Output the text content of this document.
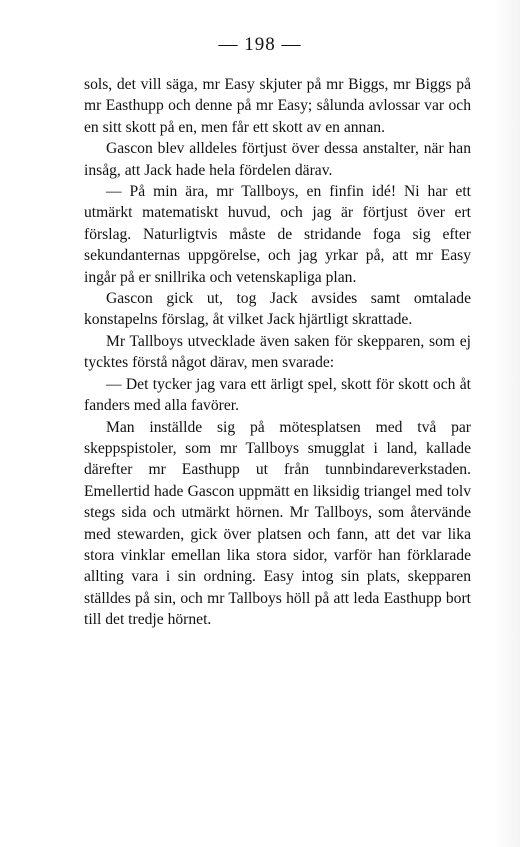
— 198 —

sols, det vill säga, mr Easy skjuter på mr Biggs, mr Biggs på mr Easthupp och denne på mr Easy; sålunda avlossar var och en sitt skott på en, men får ett skott av en annan.

Gascon blev alldeles förtjust över dessa anstalter, när han insåg, att Jack hade hela fördelen därav.

— På min ära, mr Tallboys, en finfin idé! Ni har ett utmärkt matematiskt huvud, och jag är förtjust över ert förslag. Naturligtvis måste de stridande foga sig efter sekundanternas uppgörelse, och jag yrkar på, att mr Easy ingår på er snillrika och vetenskapliga plan.

Gascon gick ut, tog Jack avsides samt omtalade konstapelns förslag, åt vilket Jack hjärtligt skrattade.

Mr Tallboys utvecklade även saken för skepparen, som ej tycktes förstå något därav, men svarade:

— Det tycker jag vara ett ärligt spel, skott för skott och åt fanders med alla favörer.

Man inställde sig på mötesplatsen med två par skeppspistoler, som mr Tallboys smugglat i land, kallade därefter mr Easthupp ut från tunnbindareverkstaden. Emellertid hade Gascon uppmätt en liksidig triangel med tolv stegs sida och utmärkt hörnen. Mr Tallboys, som återvände med stewarden, gick över platsen och fann, att det var lika stora vinklar emellan lika stora sidor, varför han förklarade allting vara i sin ordning. Easy intog sin plats, skepparen ställdes på sin, och mr Tallboys höll på att leda Easthupp bort till det tredje hörnet.
